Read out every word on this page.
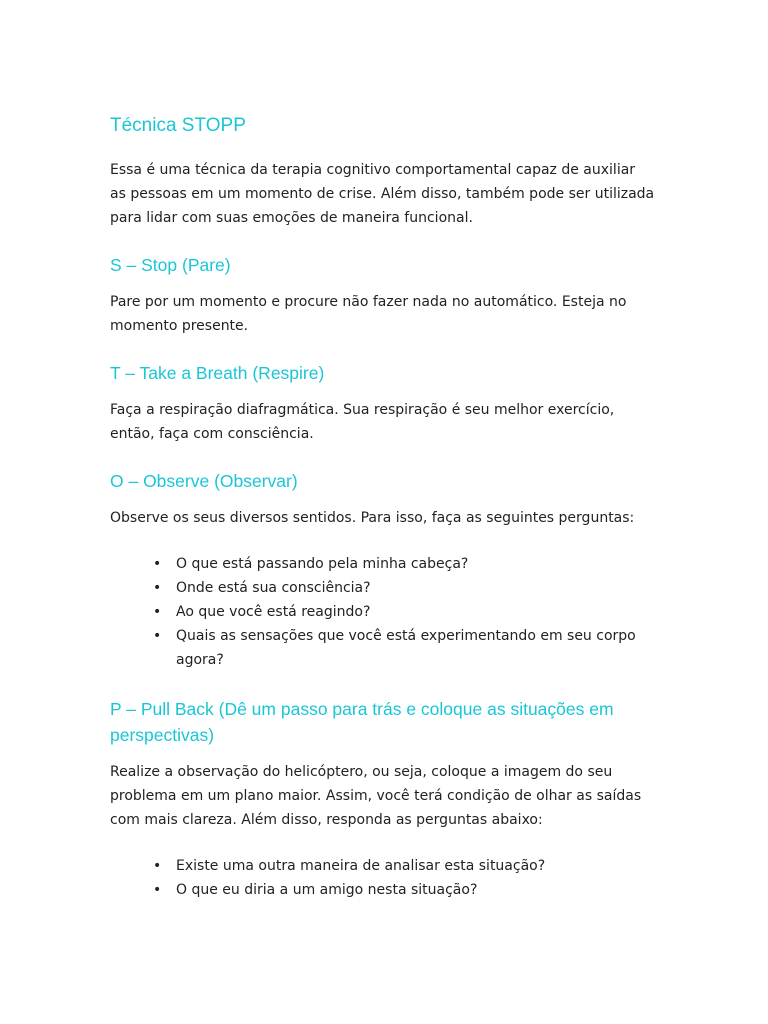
Técnica STOPP

Essa é uma técnica da terapia cognitivo comportamental capaz de auxiliar as pessoas em um momento de crise. Além disso, também pode ser utilizada para lidar com suas emoções de maneira funcional.

S – Stop (Pare)

Pare por um momento e procure não fazer nada no automático. Esteja no momento presente.

T – Take a Breath (Respire)

Faça a respiração diafragmática. Sua respiração é seu melhor exercício, então, faça com consciência.

O – Observe (Observar)

Observe os seus diversos sentidos. Para isso, faça as seguintes perguntas:

• O que está passando pela minha cabeça?
• Onde está sua consciência?
• Ao que você está reagindo?
• Quais as sensações que você está experimentando em seu corpo agora?
P – Pull Back (Dê um passo para trás e coloque as situações em perspectivas)

Realize a observação do helicóptero, ou seja, coloque a imagem do seu problema em um plano maior. Assim, você terá condição de olhar as saídas com mais clareza. Além disso, responda as perguntas abaixo:

• Existe uma outra maneira de analisar esta situação?
• O que eu diria a um amigo nesta situação?
